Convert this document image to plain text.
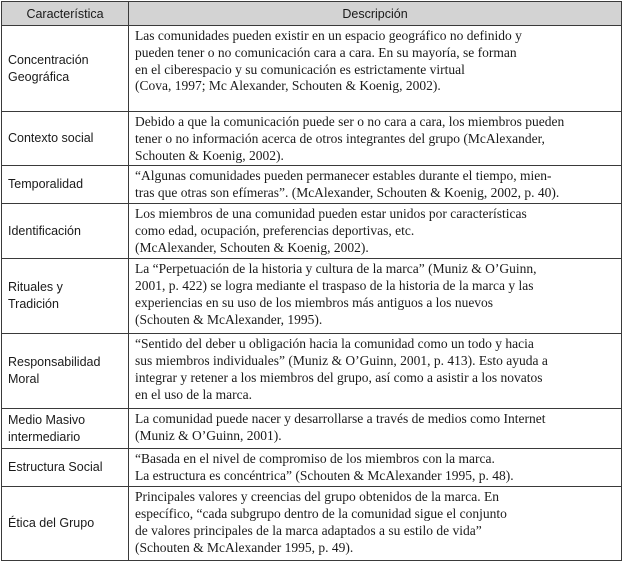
Característica	Descripción

Concentración
Geográfica	Las comunidades pueden existir en un espacio geográfico no definido y
pueden tener o no comunicación cara a cara. En su mayoría, se forman
en el ciberespacio y su comunicación es estrictamente virtual
(Cova, 1997; Mc Alexander, Schouten & Koenig, 2002).

Contexto social	Debido a que la comunicación puede ser o no cara a cara, los miembros pueden
tener o no información acerca de otros integrantes del grupo (McAlexander,
Schouten & Koenig, 2002).

Temporalidad	“Algunas comunidades pueden permanecer estables durante el tiempo, mien-
tras que otras son efímeras”. (McAlexander, Schouten & Koenig, 2002, p. 40).

Identificación	Los miembros de una comunidad pueden estar unidos por características
como edad, ocupación, preferencias deportivas, etc.
(McAlexander, Schouten & Koenig, 2002).

Rituales y
Tradición	La “Perpetuación de la historia y cultura de la marca” (Muniz & O’Guinn,
2001, p. 422) se logra mediante el traspaso de la historia de la marca y las
experiencias en su uso de los miembros más antiguos a los nuevos
(Schouten & McAlexander, 1995).

Responsabilidad
Moral	“Sentido del deber u obligación hacia la comunidad como un todo y hacia
sus miembros individuales” (Muniz & O’Guinn, 2001, p. 413). Esto ayuda a
integrar y retener a los miembros del grupo, así como a asistir a los novatos
en el uso de la marca.

Medio Masivo
intermediario	La comunidad puede nacer y desarrollarse a través de medios como Internet
(Muniz & O’Guinn, 2001).

Estructura Social	“Basada en el nivel de compromiso de los miembros con la marca.
La estructura es concéntrica” (Schouten & McAlexander 1995, p. 48).

Ética del Grupo	Principales valores y creencias del grupo obtenidos de la marca. En
específico, “cada subgrupo dentro de la comunidad sigue el conjunto
de valores principales de la marca adaptados a su estilo de vida”
(Schouten & McAlexander 1995, p. 49).
